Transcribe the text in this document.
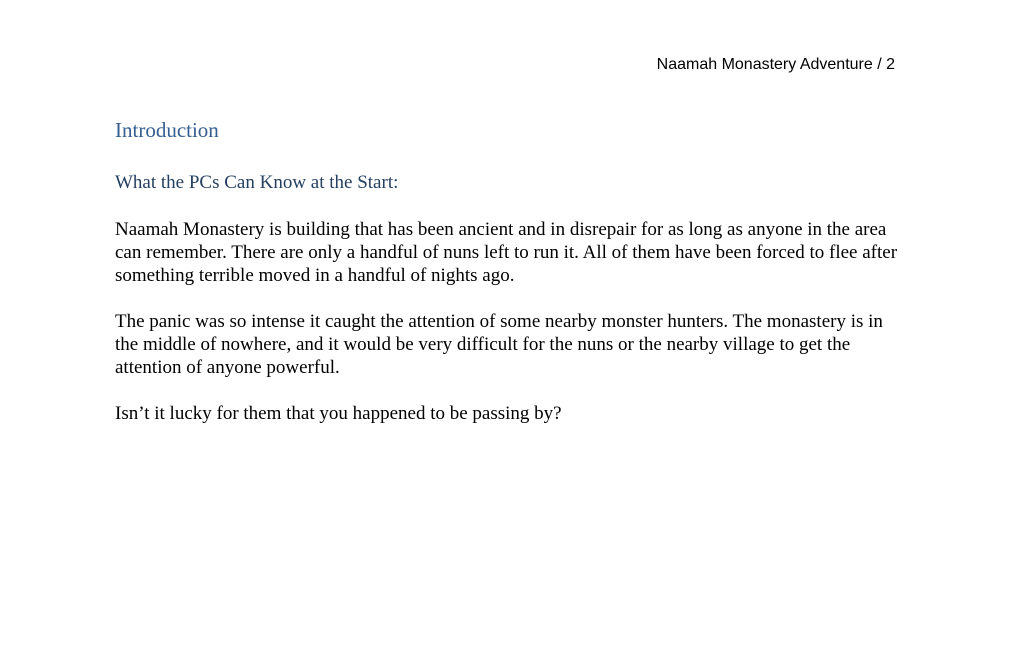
Naamah Monastery Adventure / 2
Introduction
What the PCs Can Know at the Start:

Naamah Monastery is building that has been ancient and in disrepair for as long as anyone in the area can remember. There are only a handful of nuns left to run it. All of them have been forced to flee after something terrible moved in a handful of nights ago.

The panic was so intense it caught the attention of some nearby monster hunters. The monastery is in the middle of nowhere, and it would be very difficult for the nuns or the nearby village to get the attention of anyone powerful.

Isn’t it lucky for them that you happened to be passing by?
